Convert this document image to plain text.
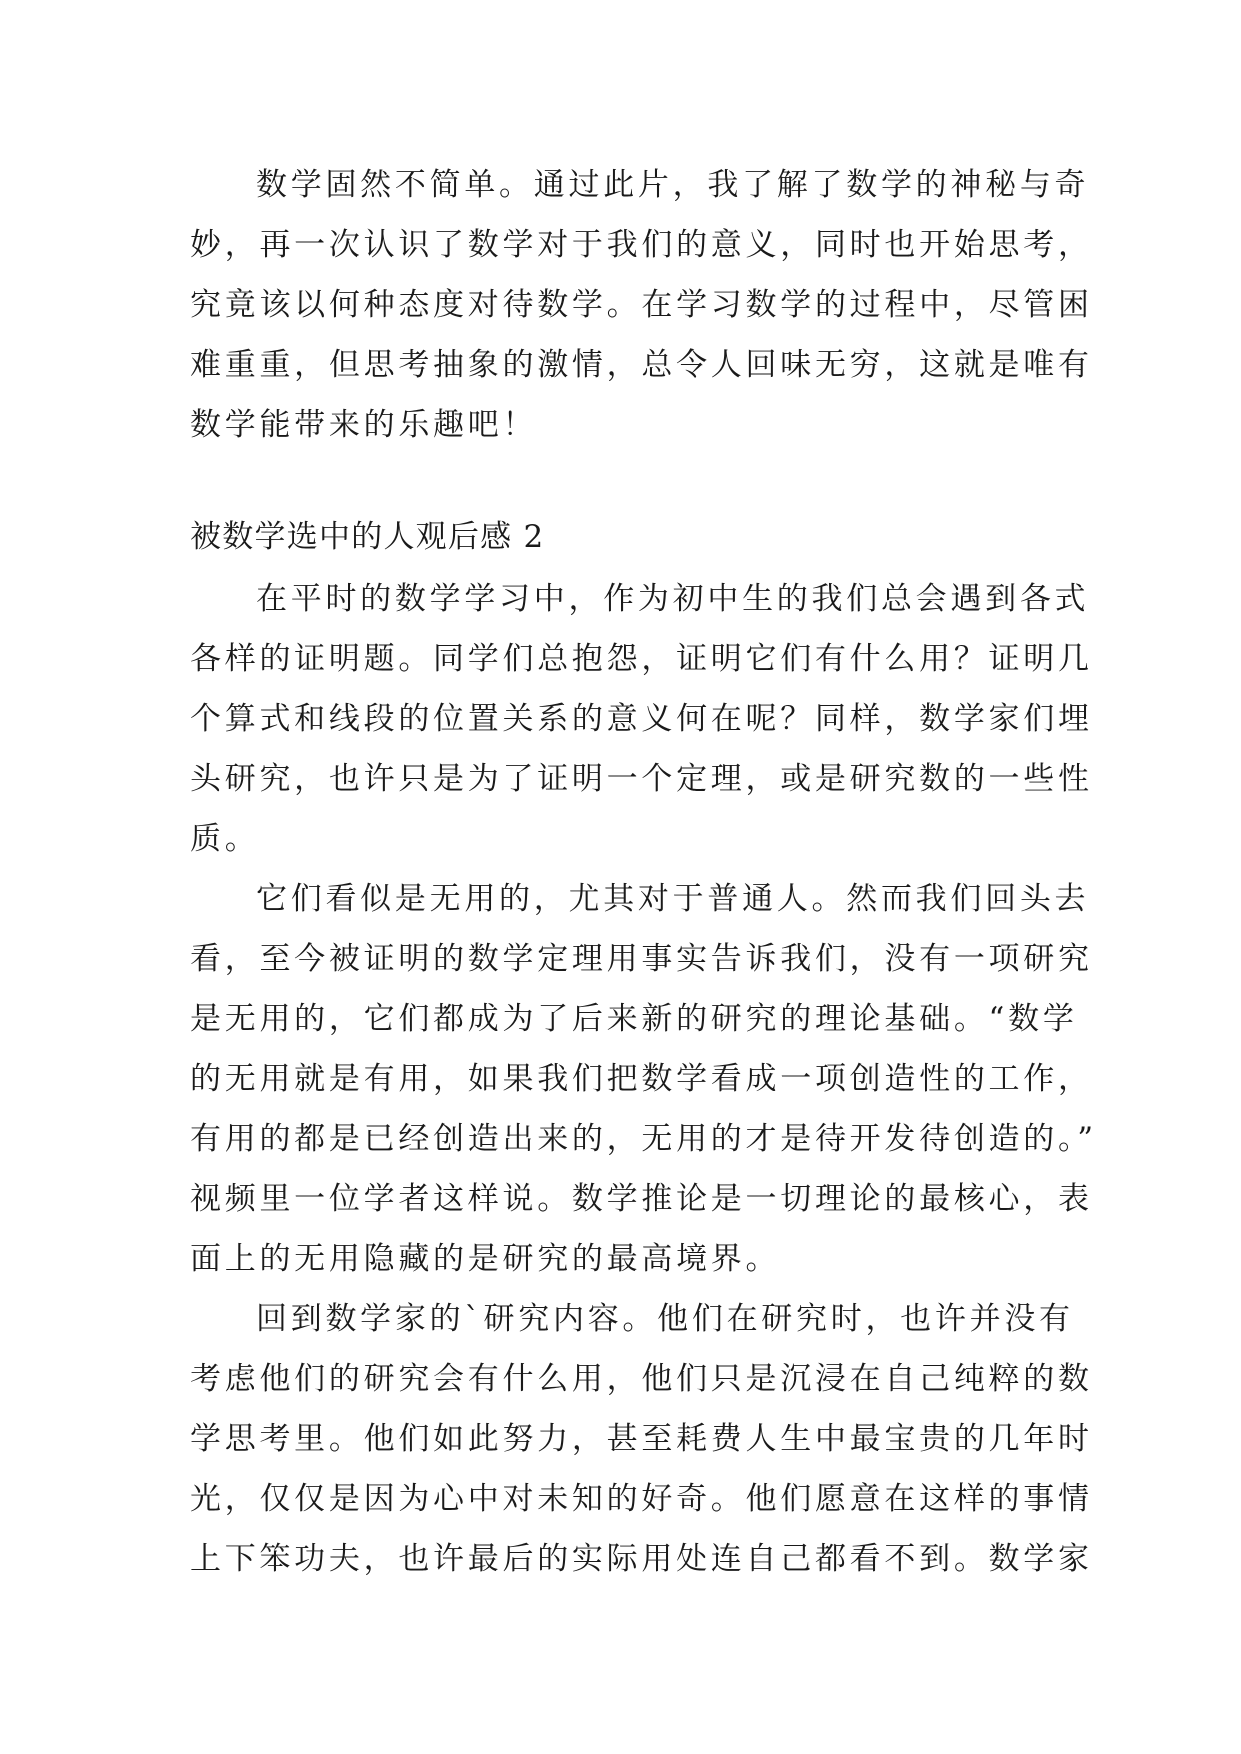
数学固然不简单。通过此片，我了解了数学的神秘与奇
妙，再一次认识了数学对于我们的意义，同时也开始思考，
究竟该以何种态度对待数学。在学习数学的过程中，尽管困
难重重，但思考抽象的激情，总令人回味无穷，这就是唯有
数学能带来的乐趣吧！
被数学选中的人观后感 2
在平时的数学学习中，作为初中生的我们总会遇到各式
各样的证明题。同学们总抱怨，证明它们有什么用？证明几
个算式和线段的位置关系的意义何在呢？同样，数学家们埋
头研究，也许只是为了证明一个定理，或是研究数的一些性
质。
它们看似是无用的，尤其对于普通人。然而我们回头去
看，至今被证明的数学定理用事实告诉我们，没有一项研究
是无用的，它们都成为了后来新的研究的理论基础。“数学
的无用就是有用，如果我们把数学看成一项创造性的工作，
有用的都是已经创造出来的，无用的才是待开发待创造的。”
视频里一位学者这样说。数学推论是一切理论的最核心，表
面上的无用隐藏的是研究的最高境界。
回到数学家的`研究内容。他们在研究时，也许并没有
考虑他们的研究会有什么用，他们只是沉浸在自己纯粹的数
学思考里。他们如此努力，甚至耗费人生中最宝贵的几年时
光，仅仅是因为心中对未知的好奇。他们愿意在这样的事情
上下笨功夫，也许最后的实际用处连自己都看不到。数学家
